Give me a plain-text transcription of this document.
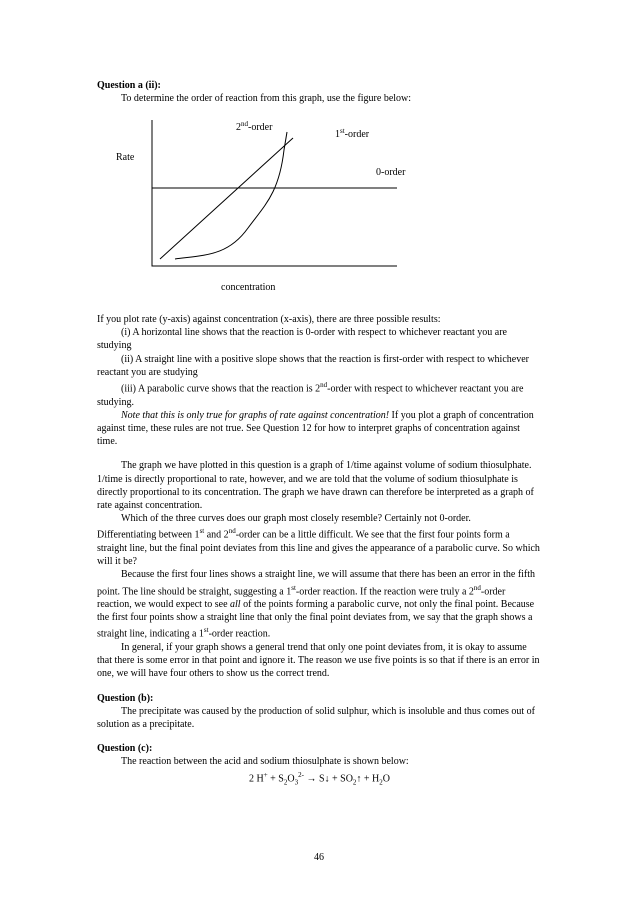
Question a (ii):

To determine the order of reaction from this graph, use the figure below:

Rate
concentration
2nd-order
1st-order
0-order

If you plot rate (y-axis) against concentration (x-axis), there are three possible results:

(i) A horizontal line shows that the reaction is 0-order with respect to whichever reactant you are studying

(ii) A straight line with a positive slope shows that the reaction is first-order with respect to whichever reactant you are studying

(iii) A parabolic curve shows that the reaction is 2nd-order with respect to whichever reactant you are studying.

Note that this is only true for graphs of rate against concentration! If you plot a graph of concentration against time, these rules are not true. See Question 12 for how to interpret graphs of concentration against time.

The graph we have plotted in this question is a graph of 1/time against volume of sodium thiosulphate. 1/time is directly proportional to rate, however, and we are told that the volume of sodium thiosulphate is directly proportional to its concentration. The graph we have drawn can therefore be interpreted as a graph of rate against concentration.

Which of the three curves does our graph most closely resemble? Certainly not 0-order.

Differentiating between 1st and 2nd-order can be a little difficult. We see that the first four points form a straight line, but the final point deviates from this line and gives the appearance of a parabolic curve. So which will it be?

Because the first four lines shows a straight line, we will assume that there has been an error in the fifth point. The line should be straight, suggesting a 1st-order reaction. If the reaction were truly a 2nd-order reaction, we would expect to see all of the points forming a parabolic curve, not only the final point. Because the first four points show a straight line that only the final point deviates from, we say that the graph shows a straight line, indicating a 1st-order reaction.

In general, if your graph shows a general trend that only one point deviates from, it is okay to assume that there is some error in that point and ignore it. The reason we use five points is so that if there is an error in one, we will have four others to show us the correct trend.

Question (b):

The precipitate was caused by the production of solid sulphur, which is insoluble and thus comes out of solution as a precipitate.

Question (c):

The reaction between the acid and sodium thiosulphate is shown below:

2 $H^+ + S_2O_3^{2-}$ → S↓ + $SO_2↑ + H_2O$

46
